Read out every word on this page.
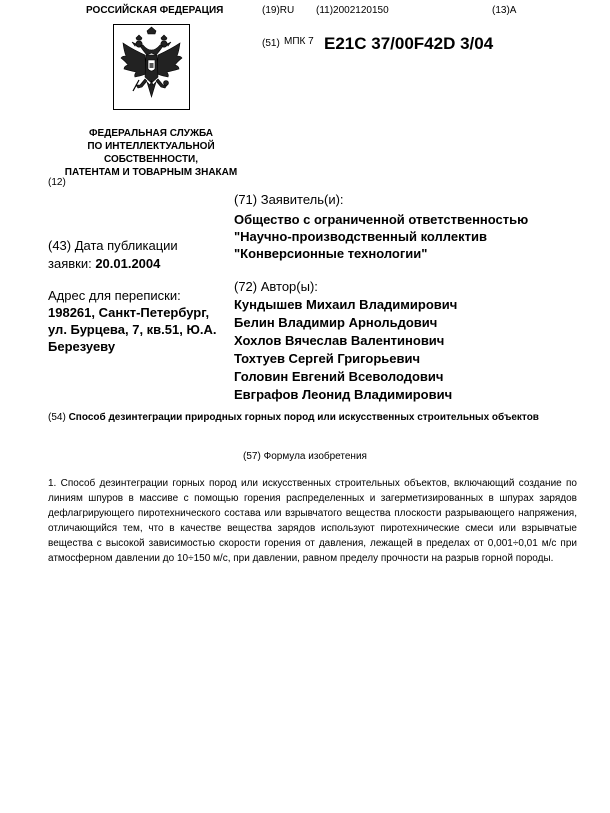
РОССИЙСКАЯ ФЕДЕРАЦИЯ	(19)RU (11)2002120150	(13)A
(51) МПК 7 E21C 37/00F42D 3/04
ФЕДЕРАЛЬНАЯ СЛУЖБА
ПО ИНТЕЛЛЕКТУАЛЬНОЙ
СОБСТВЕННОСТИ,
ПАТЕНТАМ И ТОВАРНЫМ ЗНАКАМ
(12)
(71) Заявитель(и):
Общество с ограниченной ответственностью
"Научно-производственный коллектив
"Конверсионные технологии"
(43) Дата публикации
заявки: 20.01.2004
Адрес для переписки:
198261, Санкт-Петербург,
ул. Бурцева, 7, кв.51, Ю.А.
Березуеву
(72) Автор(ы):
Кундышев Михаил Владимирович
Белин Владимир Арнольдович
Хохлов Вячеслав Валентинович
Тохтуев Сергей Григорьевич
Головин Евгений Всеволодович
Евграфов Леонид Владимирович
(54) Способ дезинтеграции природных горных пород или искусственных строительных объектов
(57) Формула изобретения
1. Способ дезинтеграции горных пород или искусственных строительных объектов, включающий создание по линиям шпуров в массиве с помощью горения распределенных и загерметизированных в шпурах зарядов дефлагрирующего пиротехнического состава или взрывчатого вещества плоскости разрывающего напряжения, отличающийся тем, что в качестве вещества зарядов используют пиротехнические смеси или взрывчатые вещества с высокой зависимостью скорости горения от давления, лежащей в пределах от 0,001÷0,01 м/с при атмосферном давлении до 10÷150 м/с, при давлении, равном пределу прочности на разрыв горной породы.
